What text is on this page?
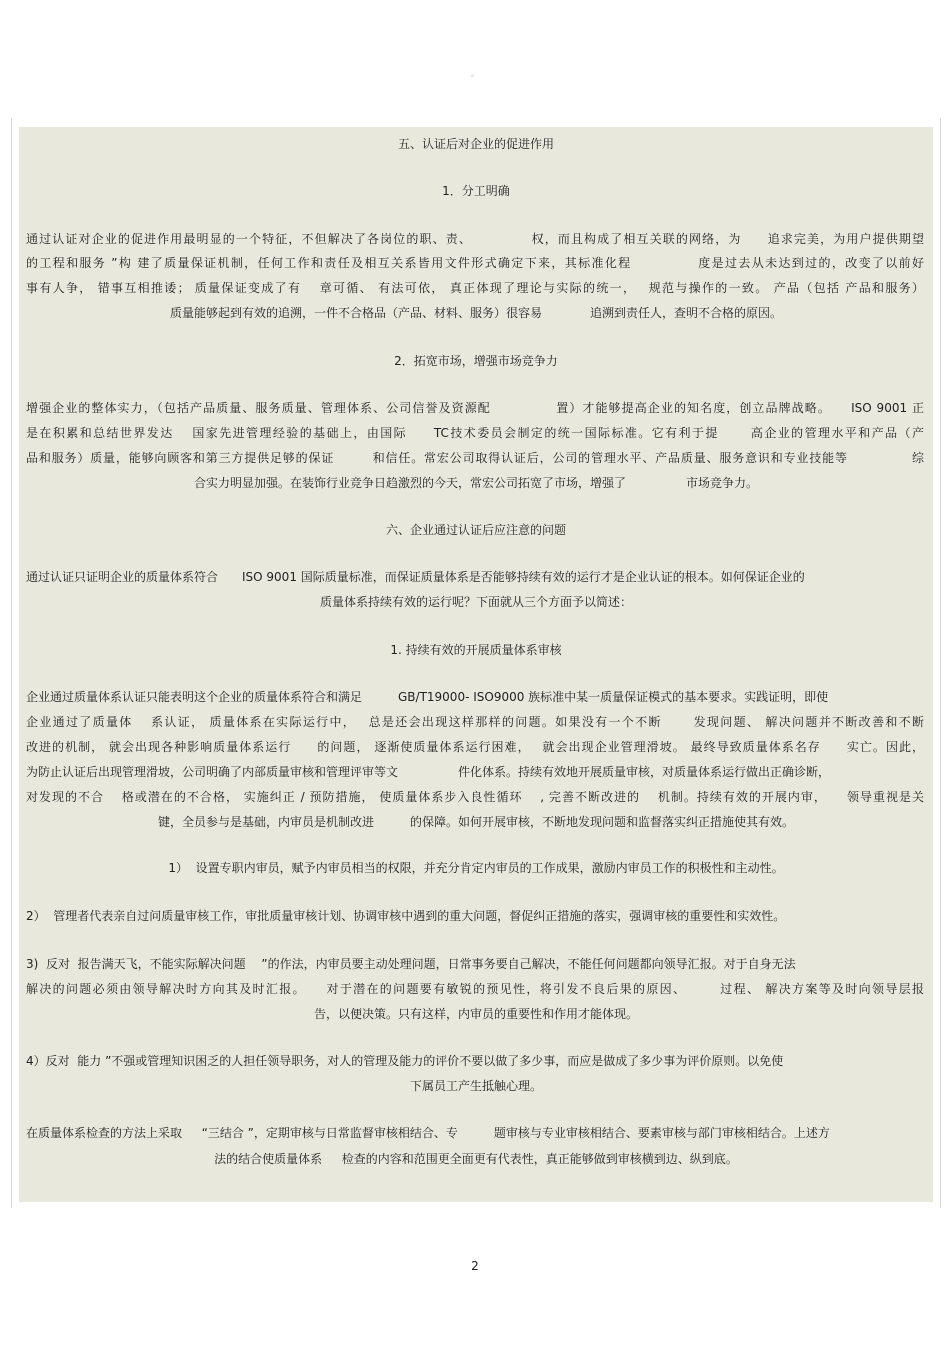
。
五、认证后对企业的促进作用
1．分工明确
通过认证对企业的促进作用最明显的一个特征，不但解决了各岗位的职、责、　　　　　权，而且构成了相互关联的网络，为　　追求完美，为用户提供期望
的工程和服务 ”构 建了质量保证机制，任何工作和责任及相互关系皆用文件形式确定下来，其标准化程　　　　　度是过去从未达到过的，改变了以前好
事有人争， 错事互相推诿； 质量保证变成了有　 章可循、 有法可依， 真正体现了理论与实际的统一，　 规范与操作的一致。 产品（包括 产品和服务）
质量能够起到有效的追溯，一件不合格品（产品、材料、服务）很容易　　　　追溯到责任人，查明不合格的原因。
2．拓宽市场，增强市场竞争力
增强企业的整体实力，（包括产品质量、服务质量、管理体系、公司信誉及资源配　　　　　置）才能够提高企业的知名度，创立品牌战略。　　ISO 9001 正
是在积累和总结世界发达　 国家先进管理经验的基础上，由国际　　TC技术委员会制定的统一国际标准。它有利于提　　 高企业的管理水平和产品（产
品和服务）质量，能够向顾客和第三方提供足够的保证　　　和信任。常宏公司取得认证后，公司的管理水平、产品质量、服务意识和专业技能等　　　　　综
合实力明显加强。在装饰行业竞争日趋激烈的今天，常宏公司拓宽了市场，增强了　　　　　市场竞争力。
六、企业通过认证后应注意的问题
通过认证只证明企业的质量体系符合　　ISO 9001 国际质量标准，而保证质量体系是否能够持续有效的运行才是企业认证的根本。如何保证企业的
质量体系持续有效的运行呢？下面就从三个方面予以简述：
1. 持续有效的开展质量体系审核
企业通过质量体系认证只能表明这个企业的质量体系符合和满足　　　GB/T19000- ISO9000 族标准中某一质量保证模式的基本要求。实践证明，即使
企业通过了质量体　 系认证， 质量体系在实际运行中，　 总是还会出现这样那样的问题。如果没有一个不断　　 发现问题、 解决问题并不断改善和不断
改进的机制， 就会出现各种影响质量体系运行　　的问题， 逐渐使质量体系运行困难，　 就会出现企业管理滑坡。 最终导致质量体系名存　　实亡。因此，
为防止认证后出现管理滑坡，公司明确了内部质量审核和管理评审等文　　　　　件化体系。持续有效地开展质量审核，对质量体系运行做出正确诊断，
对发现的不合　 格或潜在的不合格， 实施纠正 / 预防措施， 使质量体系步入良性循环　 , 完善不断改进的　 机制。持续有效的开展内审，　　领导重视是关
键，全员参与是基础，内审员是机制改进　　　的保障。如何开展审核，不断地发现问题和监督落实纠正措施使其有效。
1）  设置专职内审员，赋予内审员相当的权限，并充分肯定内审员的工作成果，激励内审员工作的积极性和主动性。
2）  管理者代表亲自过问质量审核工作，审批质量审核计划、协调审核中遇到的重大问题，督促纠正措施的落实，强调审核的重要性和实效性。
3)  反对  报告满天飞，不能实际解决问题　 ”的作法，内审员要主动处理问题，日常事务要自己解决，不能任何问题都向领导汇报。对于自身无法
解决的问题必须由领导解决时方向其及时汇报。　　对于潜在的问题要有敏锐的预见性，将引发不良后果的原因、　　　过程、 解决方案等及时向领导层报
告，以便决策。只有这样，内审员的重要性和作用才能体现。
4）反对  能力 ”不强或管理知识困乏的人担任领导职务，对人的管理及能力的评价不要以做了多少事，而应是做成了多少事为评价原则。以免使
下属员工产生抵触心理。
在质量体系检查的方法上采取　  “三结合 ”，定期审核与日常监督审核相结合、专　　　题审核与专业审核相结合、要素审核与部门审核相结合。上述方
法的结合使质量体系　  检查的内容和范围更全面更有代表性，真正能够做到审核横到边、纵到底。
2
